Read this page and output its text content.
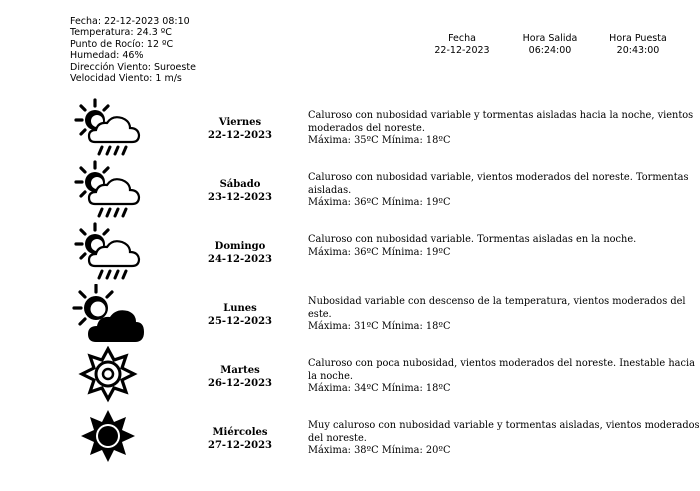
Fecha: 22-12-2023 08:10
Temperatura: 24.3 ºC
Punto de Rocío: 12 ºC
Humedad: 46%
Dirección Viento: Suroeste
Velocidad Viento: 1 m/s
Fecha
22-12-2023
Hora Salida
06:24:00
Hora Puesta
20:43:00
Viernes
22-12-2023
Caluroso con nubosidad variable y tormentas aisladas hacia la noche, vientos moderados del noreste.
Máxima: 35ºC Mínima: 18ºC
Sábado
23-12-2023
Caluroso con nubosidad variable, vientos moderados del noreste. Tormentas aisladas.
Máxima: 36ºC Mínima: 19ºC
Domingo
24-12-2023
Caluroso con nubosidad variable. Tormentas aisladas en la noche.
Máxima: 36ºC Mínima: 19ºC
Lunes
25-12-2023
Nubosidad variable con descenso de la temperatura, vientos moderados del este.
Máxima: 31ºC Mínima: 18ºC
Martes
26-12-2023
Caluroso con poca nubosidad, vientos moderados del noreste. Inestable hacia la noche.
Máxima: 34ºC Mínima: 18ºC
Miércoles
27-12-2023
Muy caluroso con nubosidad variable y tormentas aisladas, vientos moderados del noreste.
Máxima: 38ºC Mínima: 20ºC
